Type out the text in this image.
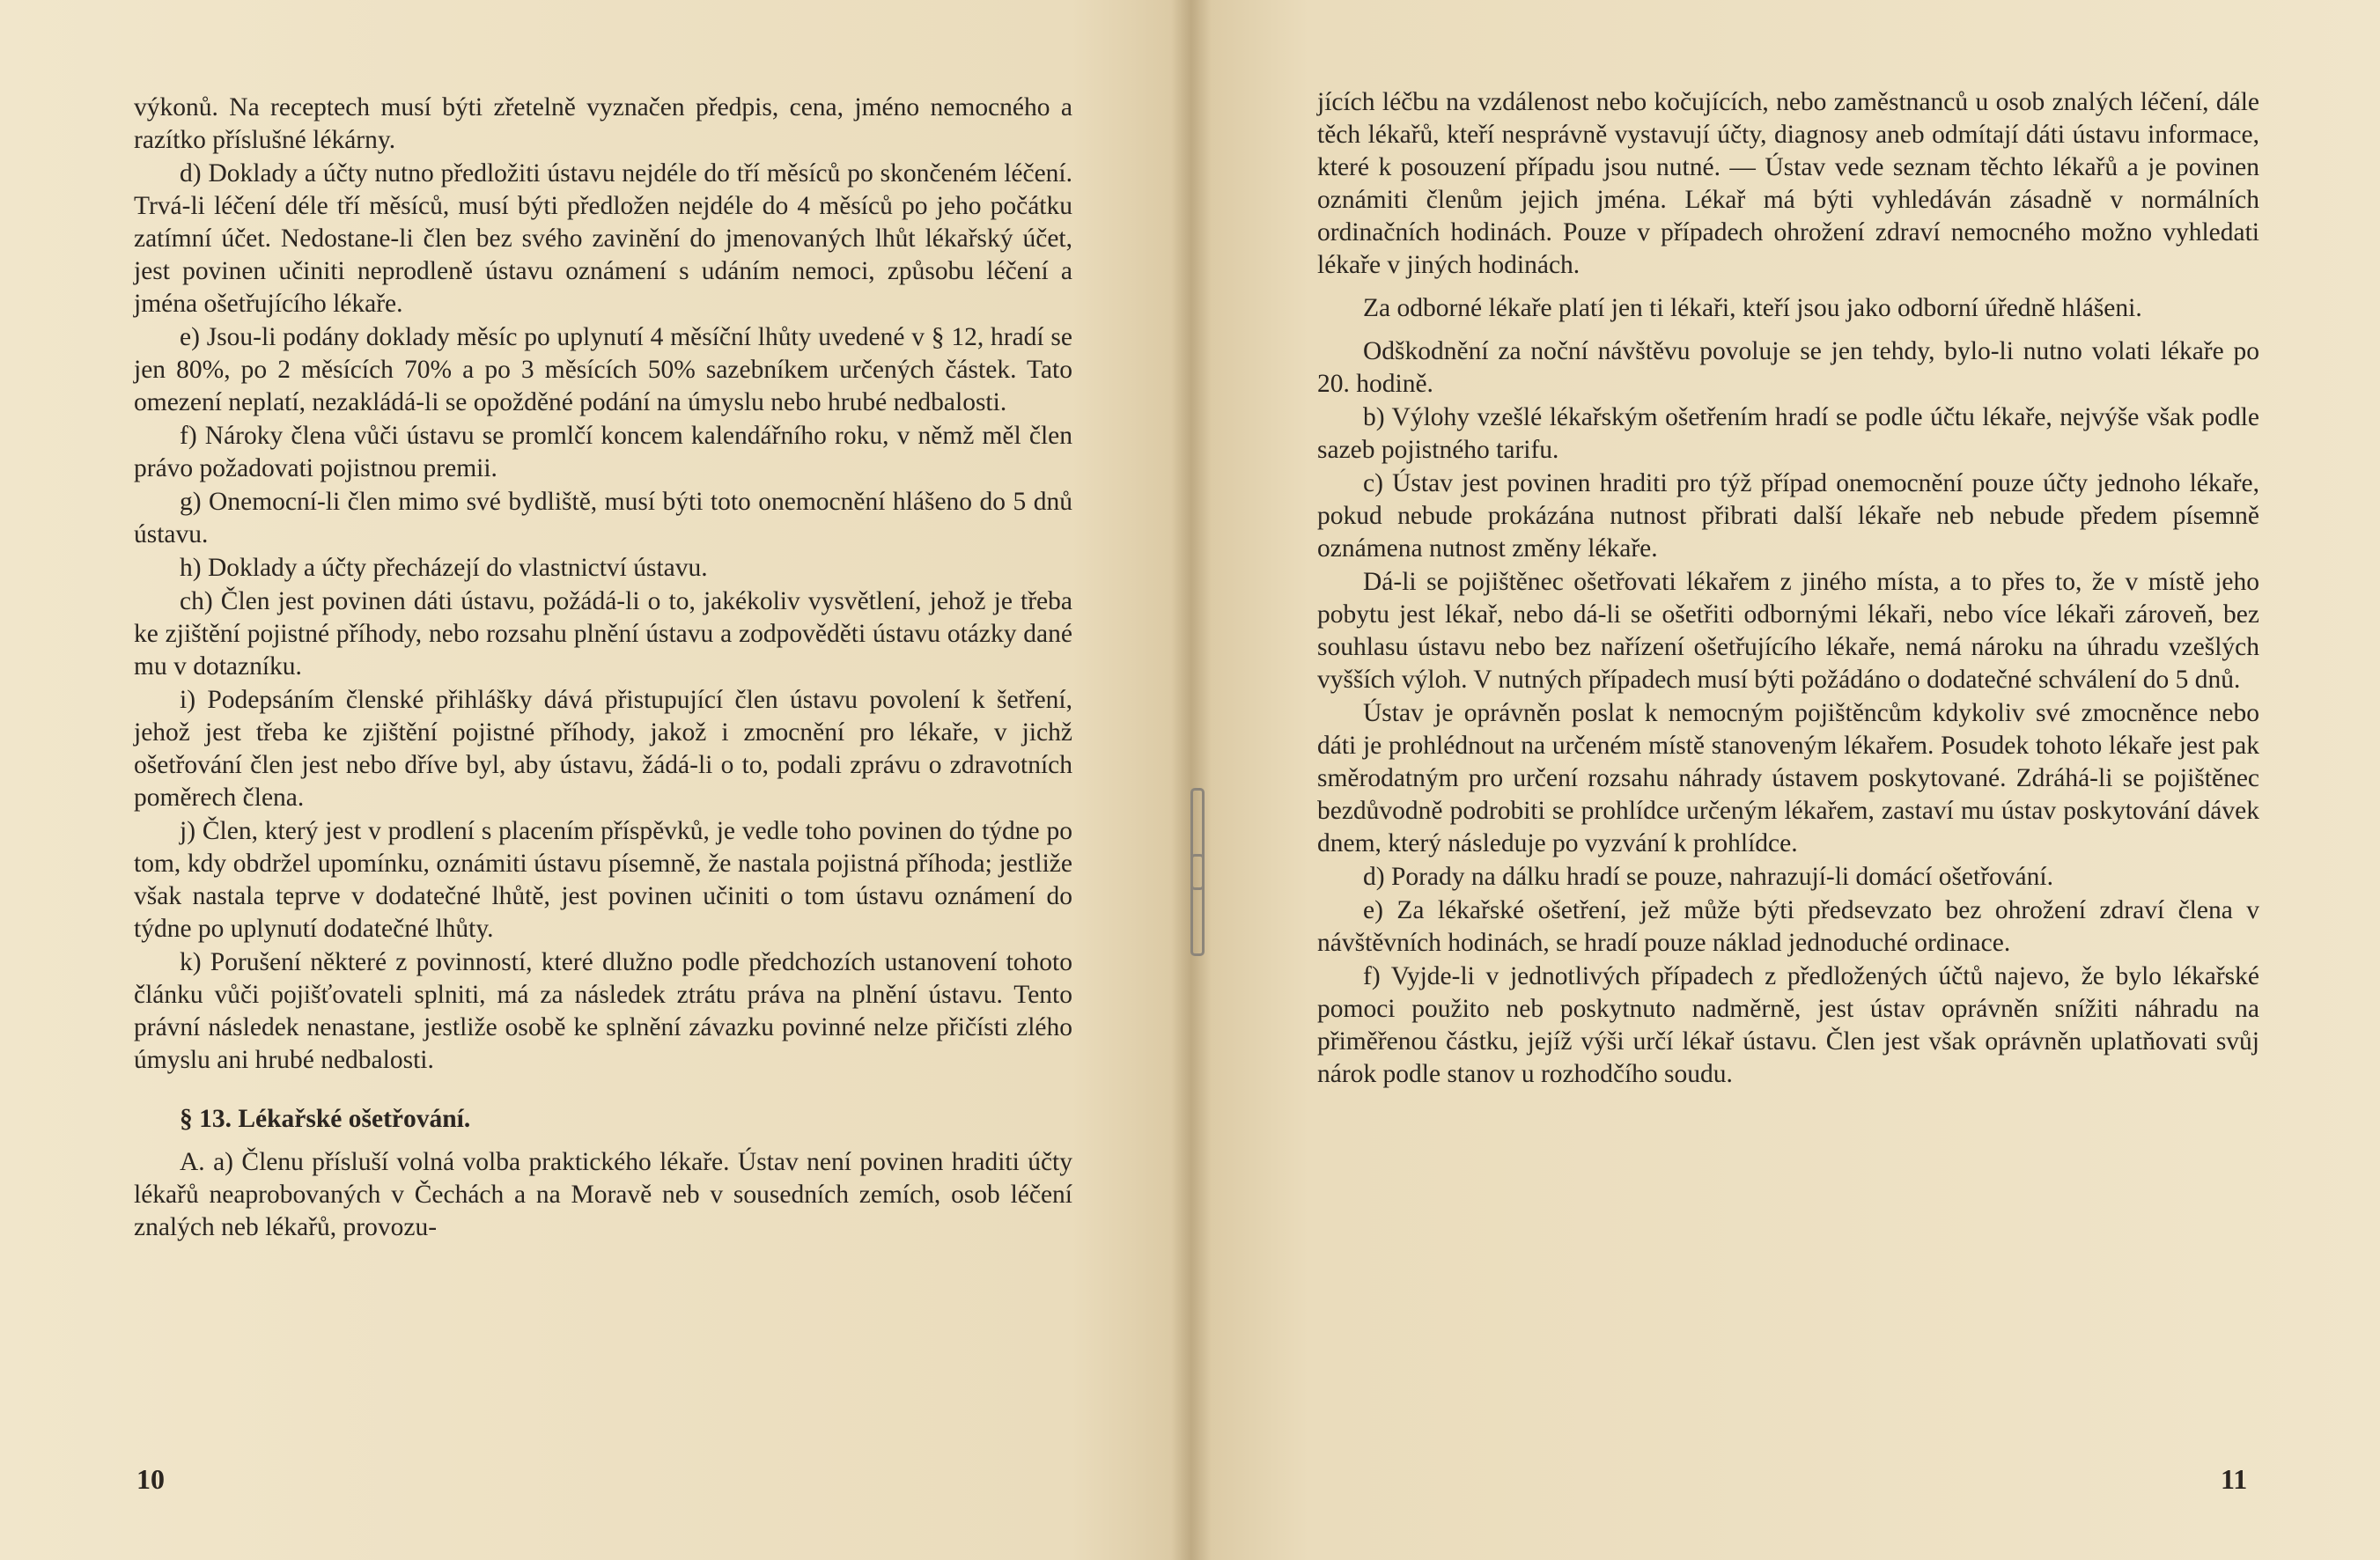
výkonů. Na receptech musí býti zřetelně vyznačen předpis, cena, jméno nemocného a razítko příslušné lékárny.

d) Doklady a účty nutno předložiti ústavu nejdéle do tří měsíců po skončeném léčení. Trvá-li léčení déle tří měsíců, musí býti předložen nejdéle do 4 měsíců po jeho počátku zatímní účet. Nedostane-li člen bez svého zavinění do jmenovaných lhůt lékařský účet, jest povinen učiniti neprodleně ústavu oznámení s udáním nemoci, způsobu léčení a jména ošetřujícího lékaře.

e) Jsou-li podány doklady měsíc po uplynutí 4 měsíční lhůty uvedené v § 12, hradí se jen 80%, po 2 měsících 70% a po 3 měsících 50% sazebníkem určených částek. Tato omezení neplatí, nezakládá-li se opožděné podání na úmyslu nebo hrubé nedbalosti.

f) Nároky člena vůči ústavu se promlčí koncem kalendářního roku, v němž měl člen právo požadovati pojistnou premii.

g) Onemocní-li člen mimo své bydliště, musí býti toto onemocnění hlášeno do 5 dnů ústavu.

h) Doklady a účty přecházejí do vlastnictví ústavu.

ch) Člen jest povinen dáti ústavu, požádá-li o to, jakékoliv vysvětlení, jehož je třeba ke zjištění pojistné příhody, nebo rozsahu plnění ústavu a zodpověděti ústavu otázky dané mu v dotazníku.

i) Podepsáním členské přihlášky dává přistupující člen ústavu povolení k šetření, jehož jest třeba ke zjištění pojistné příhody, jakož i zmocnění pro lékaře, v jichž ošetřování člen jest nebo dříve byl, aby ústavu, žádá-li o to, podali zprávu o zdravotních poměrech člena.

j) Člen, který jest v prodlení s placením příspěvků, je vedle toho povinen do týdne po tom, kdy obdržel upomínku, oznámiti ústavu písemně, že nastala pojistná příhoda; jestliže však nastala teprve v dodatečné lhůtě, jest povinen učiniti o tom ústavu oznámení do týdne po uplynutí dodatečné lhůty.

k) Porušení některé z povinností, které dlužno podle předchozích ustanovení tohoto článku vůči pojišťovateli splniti, má za následek ztrátu práva na plnění ústavu. Tento právní následek nenastane, jestliže osobě ke splnění závazku povinné nelze přičísti zlého úmyslu ani hrubé nedbalosti.

§ 13. Lékařské ošetřování.

A. a) Členu přísluší volná volba praktického lékaře. Ústav není povinen hraditi účty lékařů neaprobovaných v Čechách a na Moravě neb v sousedních zemích, osob léčení znalých neb lékařů, provozu-

10

jících léčbu na vzdálenost nebo kočujících, nebo zaměstnanců u osob znalých léčení, dále těch lékařů, kteří nesprávně vystavují účty, diagnosy aneb odmítají dáti ústavu informace, které k posouzení případu jsou nutné. — Ústav vede seznam těchto lékařů a je povinen oznámiti členům jejich jména. Lékař má býti vyhledáván zásadně v normálních ordinačních hodinách. Pouze v případech ohrožení zdraví nemocného možno vyhledati lékaře v jiných hodinách.

Za odborné lékaře platí jen ti lékaři, kteří jsou jako odborní úředně hlášeni.

Odškodnění za noční návštěvu povoluje se jen tehdy, bylo-li nutno volati lékaře po 20. hodině.

b) Výlohy vzešlé lékařským ošetřením hradí se podle účtu lékaře, nejvýše však podle sazeb pojistného tarifu.

c) Ústav jest povinen hraditi pro týž případ onemocnění pouze účty jednoho lékaře, pokud nebude prokázána nutnost přibrati další lékaře neb nebude předem písemně oznámena nutnost změny lékaře.

Dá-li se pojištěnec ošetřovati lékařem z jiného místa, a to přes to, že v místě jeho pobytu jest lékař, nebo dá-li se ošetřiti odbornými lékaři, nebo více lékaři zároveň, bez souhlasu ústavu nebo bez nařízení ošetřujícího lékaře, nemá nároku na úhradu vzešlých vyšších výloh. V nutných případech musí býti požádáno o dodatečné schválení do 5 dnů.

Ústav je oprávněn poslat k nemocným pojištěncům kdykoliv své zmocněnce nebo dáti je prohlédnout na určeném místě stanoveným lékařem. Posudek tohoto lékaře jest pak směrodatným pro určení rozsahu náhrady ústavem poskytované. Zdráhá-li se pojištěnec bezdůvodně podrobiti se prohlídce určeným lékařem, zastaví mu ústav poskytování dávek dnem, který následuje po vyzvání k prohlídce.

d) Porady na dálku hradí se pouze, nahrazují-li domácí ošetřování.

e) Za lékařské ošetření, jež může býti předsevzato bez ohrožení zdraví člena v návštěvních hodinách, se hradí pouze náklad jednoduché ordinace.

f) Vyjde-li v jednotlivých případech z předložených účtů najevo, že bylo lékařské pomoci použito neb poskytnuto nadměrně, jest ústav oprávněn snížiti náhradu na přiměřenou částku, jejíž výši určí lékař ústavu. Člen jest však oprávněn uplatňovati svůj nárok podle stanov u rozhodčího soudu.

11
